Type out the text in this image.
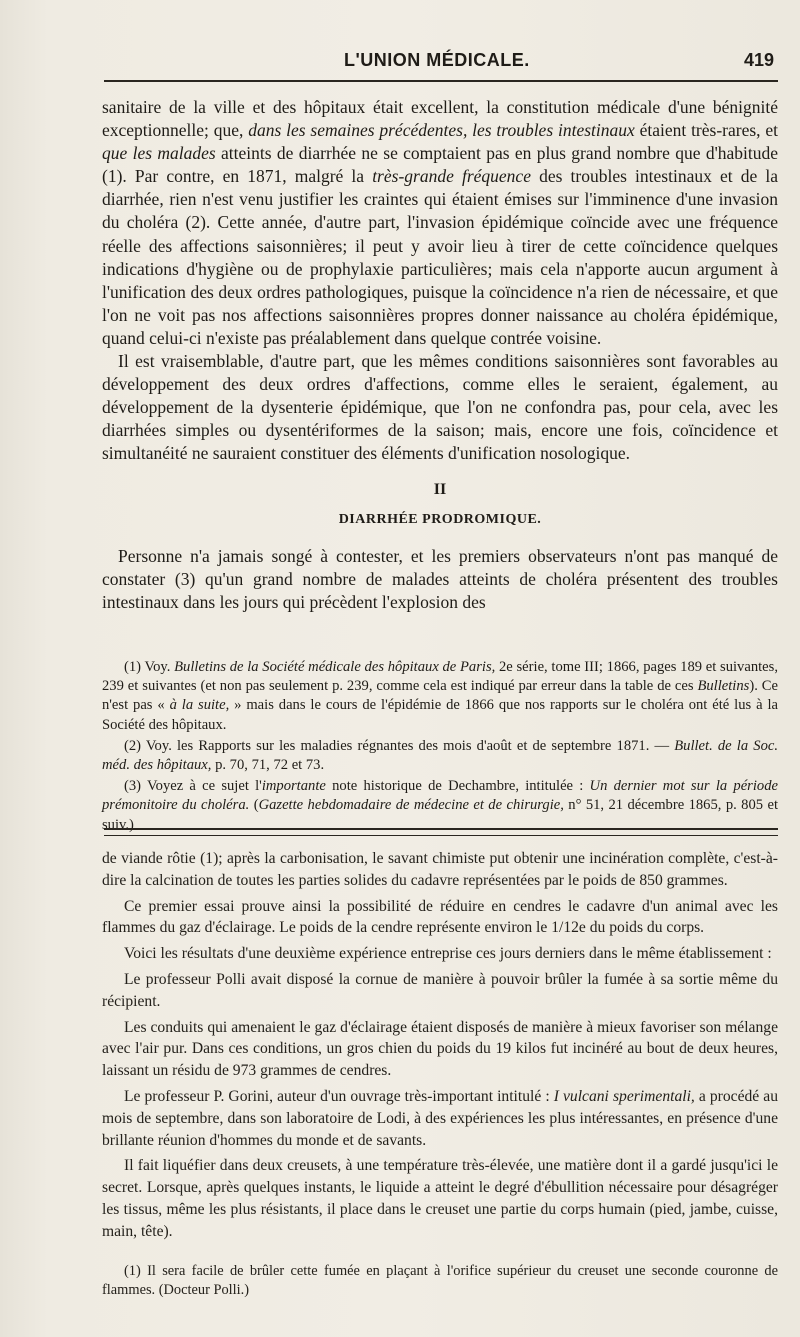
L'UNION MÉDICALE.	419

sanitaire de la ville et des hôpitaux était excellent, la constitution médicale d'une bénignité exceptionnelle; que, dans les semaines précédentes, les troubles intestinaux étaient très-rares, et que les malades atteints de diarrhée ne se comptaient pas en plus grand nombre que d'habitude (1). Par contre, en 1871, malgré la très-grande fréquence des troubles intestinaux et de la diarrhée, rien n'est venu justifier les craintes qui étaient émises sur l'imminence d'une invasion du choléra (2). Cette année, d'autre part, l'invasion épidémique coïncide avec une fréquence réelle des affections saisonnières; il peut y avoir lieu à tirer de cette coïncidence quelques indications d'hygiène ou de prophylaxie particulières; mais cela n'apporte aucun argument à l'unification des deux ordres pathologiques, puisque la coïncidence n'a rien de nécessaire, et que l'on ne voit pas nos affections saisonnières propres donner naissance au choléra épidémique, quand celui-ci n'existe pas préalablement dans quelque contrée voisine.

Il est vraisemblable, d'autre part, que les mêmes conditions saisonnières sont favorables au développement des deux ordres d'affections, comme elles le seraient, également, au développement de la dysenterie épidémique, que l'on ne confondra pas, pour cela, avec les diarrhées simples ou dysentériformes de la saison; mais, encore une fois, coïncidence et simultanéité ne sauraient constituer des éléments d'unification nosologique.

II
DIARRHÉE PRODROMIQUE.

Personne n'a jamais songé à contester, et les premiers observateurs n'ont pas manqué de constater (3) qu'un grand nombre de malades atteints de choléra présentent des troubles intestinaux dans les jours qui précèdent l'explosion des

(1) Voy. Bulletins de la Société médicale des hôpitaux de Paris, 2e série, tome III; 1866, pages 189 et suivantes, 239 et suivantes (et non pas seulement p. 239, comme cela est indiqué par erreur dans la table de ces Bulletins). Ce n'est pas « à la suite, » mais dans le cours de l'épidémie de 1866 que nos rapports sur le choléra ont été lus à la Société des hôpitaux.

(2) Voy. les Rapports sur les maladies régnantes des mois d'août et de septembre 1871. — Bullet. de la Soc. méd. des hôpitaux, p. 70, 71, 72 et 73.

(3) Voyez à ce sujet l'importante note historique de Dechambre, intitulée : Un dernier mot sur la période prémonitoire du choléra. (Gazette hebdomadaire de médecine et de chirurgie, n° 51, 21 décembre 1865, p. 805 et suiv.)

de viande rôtie (1); après la carbonisation, le savant chimiste put obtenir une incinération complète, c'est-à-dire la calcination de toutes les parties solides du cadavre représentées par le poids de 850 grammes.

Ce premier essai prouve ainsi la possibilité de réduire en cendres le cadavre d'un animal avec les flammes du gaz d'éclairage. Le poids de la cendre représente environ le 1/12e du poids du corps.

Voici les résultats d'une deuxième expérience entreprise ces jours derniers dans le même établissement :

Le professeur Polli avait disposé la cornue de manière à pouvoir brûler la fumée à sa sortie même du récipient.

Les conduits qui amenaient le gaz d'éclairage étaient disposés de manière à mieux favoriser son mélange avec l'air pur. Dans ces conditions, un gros chien du poids du 19 kilos fut incinéré au bout de deux heures, laissant un résidu de 973 grammes de cendres.

Le professeur P. Gorini, auteur d'un ouvrage très-important intitulé : I vulcani sperimentali, a procédé au mois de septembre, dans son laboratoire de Lodi, à des expériences les plus intéressantes, en présence d'une brillante réunion d'hommes du monde et de savants.

Il fait liquéfier dans deux creusets, à une température très-élevée, une matière dont il a gardé jusqu'ici le secret. Lorsque, après quelques instants, le liquide a atteint le degré d'ébullition nécessaire pour désagréger les tissus, même les plus résistants, il place dans le creuset une partie du corps humain (pied, jambe, cuisse, main, tête).

(1) Il sera facile de brûler cette fumée en plaçant à l'orifice supérieur du creuset une seconde couronne de flammes. (Docteur Polli.)
